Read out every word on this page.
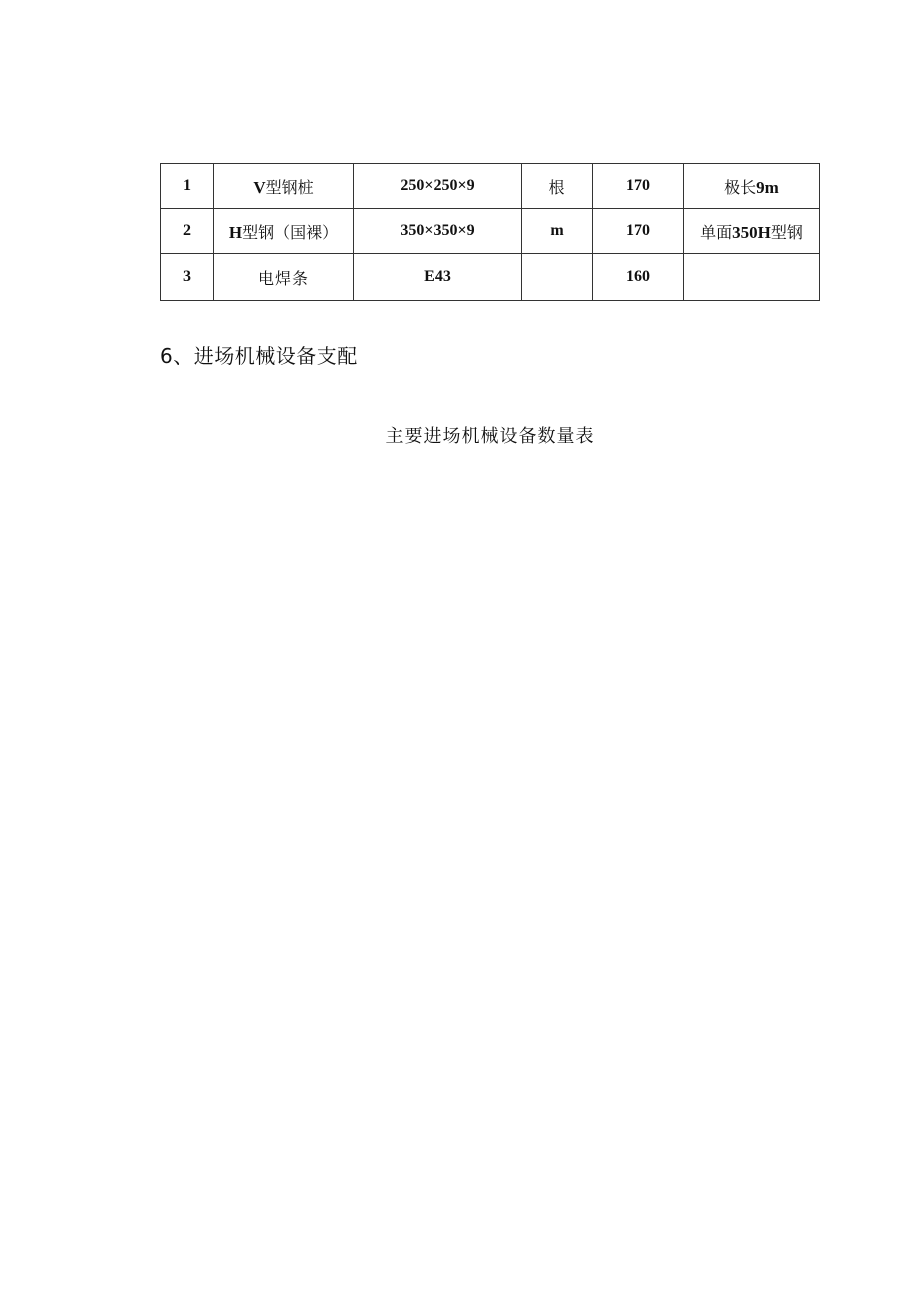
1	V型钢桩	250×250×9	根	170	极长9m
2	H型钢（国裸）	350×350×9	m	170	单面350H型钢
3	电焊条	E43		160	
6、进场机械设备支配

主要进场机械设备数量表
